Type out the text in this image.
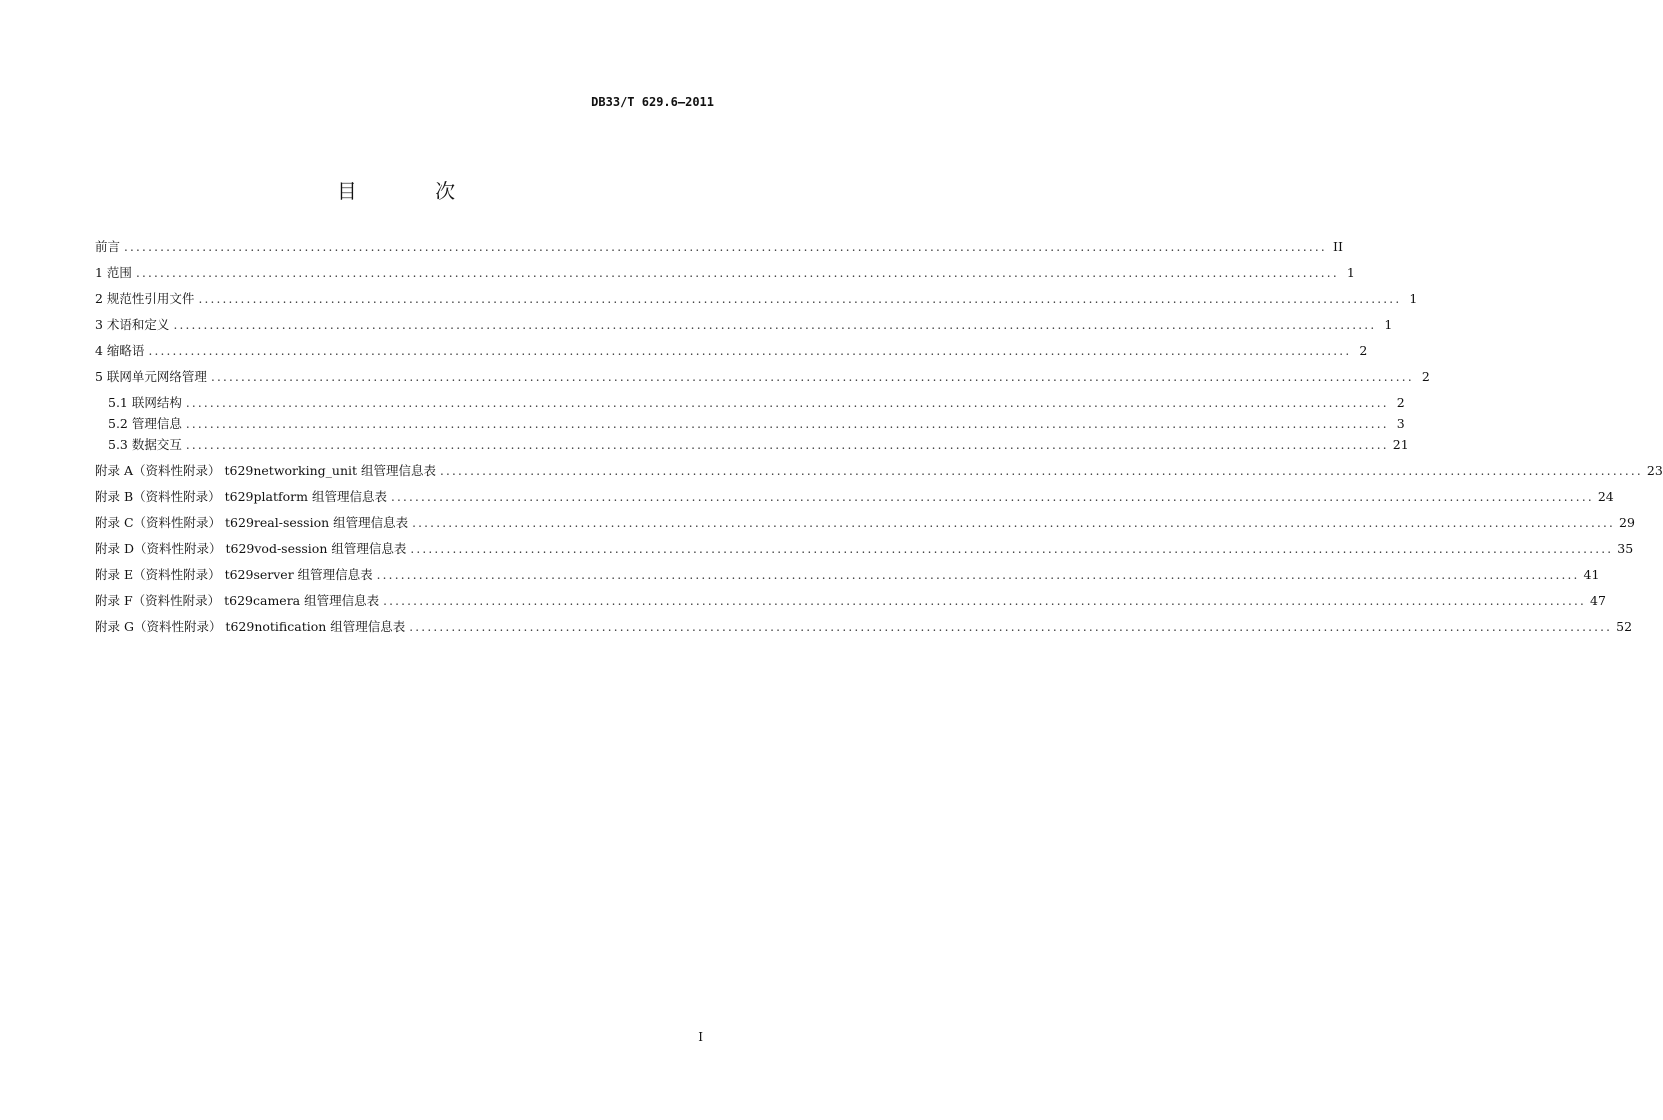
DB33/T 629.6—2011
目 次
前言 ........................................................................................................................................................................................................ II
1 范围 ........................................................................................................................................................................................................ 1
2 规范性引用文件 ........................................................................................................................................................................................................ 1
3 术语和定义 ........................................................................................................................................................................................................ 1
4 缩略语 ........................................................................................................................................................................................................ 2
5 联网单元网络管理 ........................................................................................................................................................................................................ 2
5.1 联网结构 ........................................................................................................................................................................................................ 2
5.2 管理信息 ........................................................................................................................................................................................................ 3
5.3 数据交互 ........................................................................................................................................................................................................ 21
附录 A（资料性附录） t629networking_unit 组管理信息表 ........................................................................................................................................................................................................ 23
附录 B（资料性附录） t629platform 组管理信息表 ........................................................................................................................................................................................................ 24
附录 C（资料性附录） t629real-session 组管理信息表 ........................................................................................................................................................................................................ 29
附录 D（资料性附录） t629vod-session 组管理信息表 ........................................................................................................................................................................................................ 35
附录 E（资料性附录） t629server 组管理信息表 ........................................................................................................................................................................................................ 41
附录 F（资料性附录） t629camera 组管理信息表 ........................................................................................................................................................................................................ 47
附录 G（资料性附录） t629notification 组管理信息表 ........................................................................................................................................................................................................ 52
I
